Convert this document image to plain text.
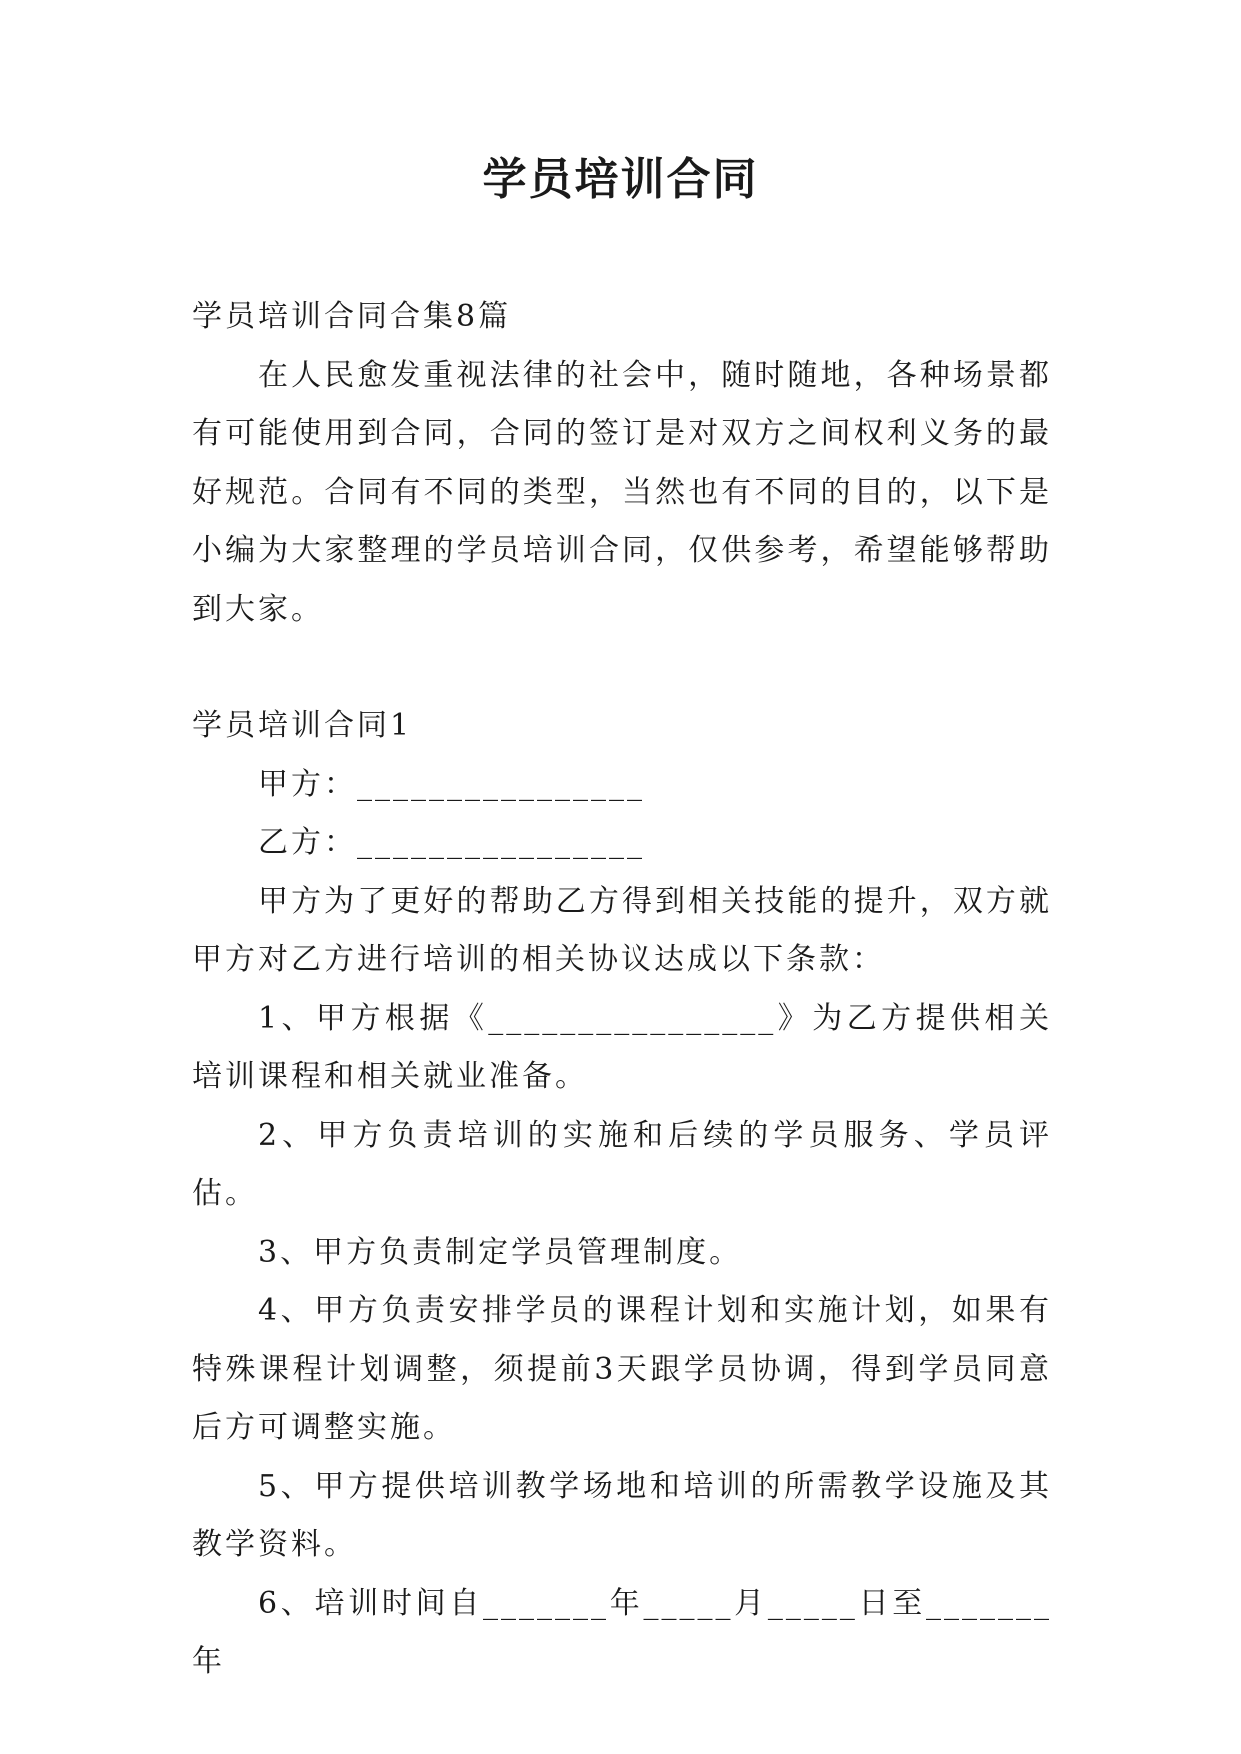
学员培训合同

学员培训合同合集8篇

在人民愈发重视法律的社会中，随时随地，各种场景都有可能使用到合同，合同的签订是对双方之间权利义务的最好规范。合同有不同的类型，当然也有不同的目的，以下是小编为大家整理的学员培训合同，仅供参考，希望能够帮助到大家。

学员培训合同1

甲方：________________

乙方：________________

甲方为了更好的帮助乙方得到相关技能的提升，双方就甲方对乙方进行培训的相关协议达成以下条款：

1、甲方根据《________________》为乙方提供相关培训课程和相关就业准备。

2、甲方负责培训的实施和后续的学员服务、学员评估。

3、甲方负责制定学员管理制度。

4、甲方负责安排学员的课程计划和实施计划，如果有特殊课程计划调整，须提前3天跟学员协调，得到学员同意后方可调整实施。

5、甲方提供培训教学场地和培训的所需教学设施及其教学资料。

6、培训时间自_______年_____月_____日至_______年
